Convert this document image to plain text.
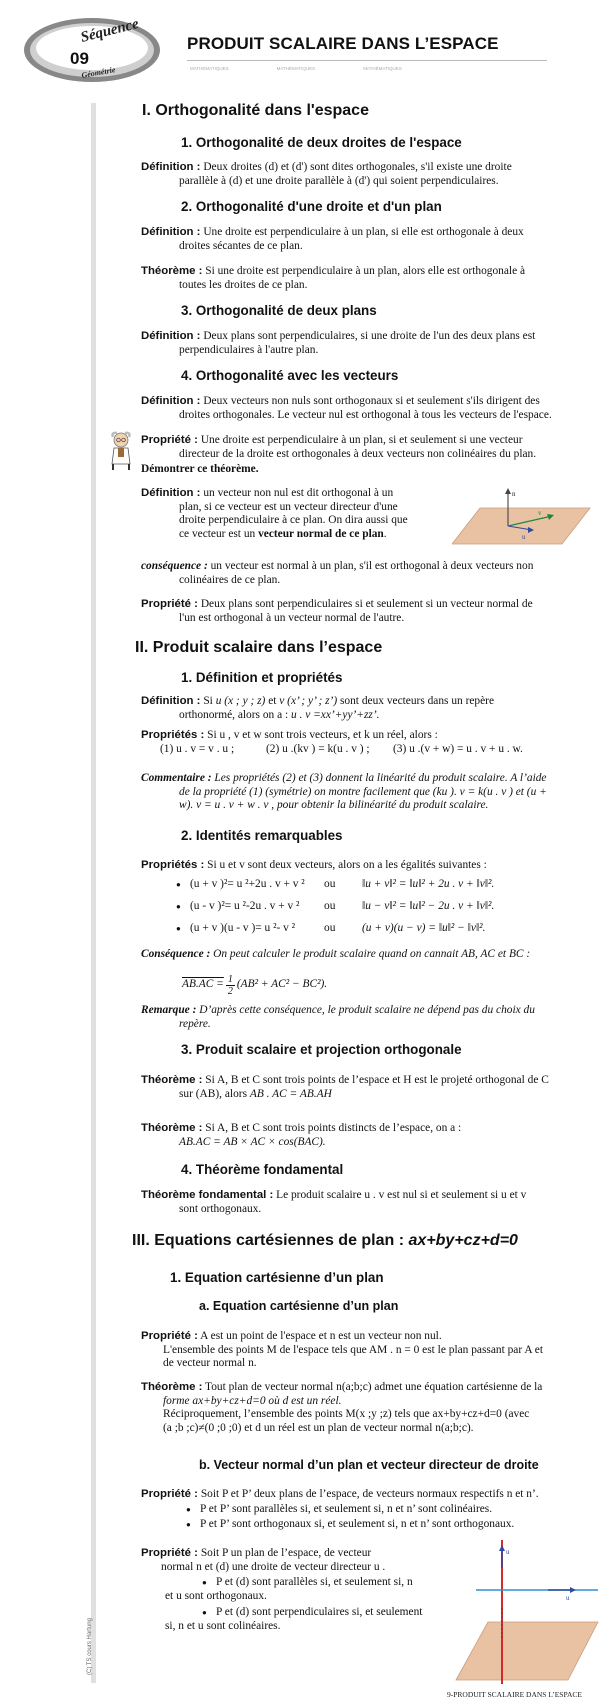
Séquence
09
Géométrie
PRODUIT SCALAIRE DANS L’ESPACE
MATHÉMATIQUES	MATHÉMATIQUES	MATHÉMATIQUES
(C) TS cours Hartung
I. Orthogonalité dans l'espace
1. Orthogonalité de deux droites de l'espace

Définition : Deux droites (d) et (d') sont dites orthogonales, s'il existe une droite

parallèle à (d) et une droite parallèle à (d') qui soient perpendiculaires.

2. Orthogonalité d'une droite et d'un plan

Définition : Une droite est perpendiculaire à un plan, si elle est orthogonale à deux

droites sécantes de ce plan.

Théorème : Si une droite est perpendiculaire à un plan, alors elle est orthogonale à

toutes les droites de ce plan.

3. Orthogonalité de deux plans

Définition : Deux plans sont perpendiculaires, si une droite de l'un des deux plans est

perpendiculaires à l'autre plan.

4. Orthogonalité avec les vecteurs

Définition : Deux vecteurs non nuls sont orthogonaux si et seulement s'ils dirigent des

droites orthogonales. Le vecteur nul est orthogonal à tous les vecteurs de l'espace.

Propriété : Une droite est perpendiculaire à un plan, si et seulement si une vecteur

directeur de la droite est orthogonales à deux vecteurs non colinéaires du plan.

Démontrer ce théorème.

Définition : un vecteur non nul est dit orthogonal à un

plan, si ce vecteur est un vecteur directeur d'une

droite perpendiculaire à ce plan. On dira aussi que

ce vecteur est un vecteur normal de ce plan.

n
v
u

conséquence : un vecteur est normal à un plan, s'il est orthogonal à deux vecteurs non

colinéaires de ce plan.

Propriété : Deux plans sont perpendiculaires si et seulement si un vecteur normal de

l'un est orthogonal à un vecteur normal de l'autre.

II. Produit scalaire dans l’espace
1. Définition et propriétés

Définition : Si u (x ; y ; z) et v (x’ ; y’ ; z’) sont deux vecteurs dans un repère

orthonormé, alors on a : u . v =xx’+yy’+zz’.

Propriétés : Si u , v et w sont trois vecteurs, et k un réel, alors :

(1) u . v = v . u ;	(2) u .(kv ) = k(u . v ) ; (3) u .(v + w) = u . v + u . w.

Commentaire : Les propriétés (2) et (3) donnent la linéarité du produit scalaire. A l’aide

de la propriété (1) (symétrie) on montre facilement que (ku ). v = k(u . v ) et (u +

w). v = u . v + w . v , pour obtenir la bilinéarité du produit scalaire.

2. Identités remarquables

Propriétés : Si u et v sont deux vecteurs, alors on a les égalités suivantes :

● (u + v )²= u ²+2u . v + v ² ou ‖u + v‖² = ‖u‖² + 2u . v + ‖v‖².
● (u - v )²= u ²-2u . v + v ² ou ‖u − v‖² = ‖u‖² − 2u . v + ‖v‖².
● (u + v )(u - v )= u ²- v ²	ou (u + v)(u − v) = ‖u‖² − ‖v‖².

Conséquence : On peut calculer le produit scalaire quand on cannait AB, AC et BC :

$AB.AC = \frac{1}{2} (AB^2 + AC^2 - BC^2)$.

Remarque : D’après cette conséquence, le produit scalaire ne dépend pas du choix du

repère.

3. Produit scalaire et projection orthogonale

Théorème : Si A, B et C sont trois points de l’espace et H est le projeté orthogonal de C

sur (AB), alors AB . AC = AB.AH

Théorème : Si A, B et C sont trois points distincts de l’espace, on a :

AB.AC = AB × AC × cos(BAC).

4. Théorème fondamental

Théorème fondamental : Le produit scalaire u . v est nul si et seulement si u et v

sont orthogonaux.

III. Equations cartésiennes de plan : ax+by+cz+d=0
1. Equation cartésienne d’un plan
a. Equation cartésienne d’un plan

Propriété : A est un point de l'espace et n est un vecteur non nul.

L'ensemble des points M de l'espace tels que AM . n = 0 est le plan passant par A et

de vecteur normal n.

Théorème : Tout plan de vecteur normal n(a;b;c) admet une équation cartésienne de la

forme ax+by+cz+d=0 où d est un réel.

Réciproquement, l’ensemble des points M(x ;y ;z) tels que ax+by+cz+d=0 (avec

(a ;b ;c)≠(0 ;0 ;0) et d un réel est un plan de vecteur normal n(a;b;c).

b. Vecteur normal d’un plan et vecteur directeur de droite

Propriété : Soit P et P’ deux plans de l’espace, de vecteurs normaux respectifs n et n’.

● P et P’ sont parallèles si, et seulement si, n et n’ sont colinéaires.
● P et P’ sont orthogonaux si, et seulement si, n et n’ sont orthogonaux.

Propriété : Soit P un plan de l’espace, de vecteur

normal n et (d) une droite de vecteur directeur u .

● P et (d) sont parallèles si, et seulement si, n
et u sont orthogonaux.
● P et (d) sont perpendiculaires si, et seulement
si, n et u sont colinéaires.
u
u
9-PRODUIT SCALAIRE DANS L’ESPACE
